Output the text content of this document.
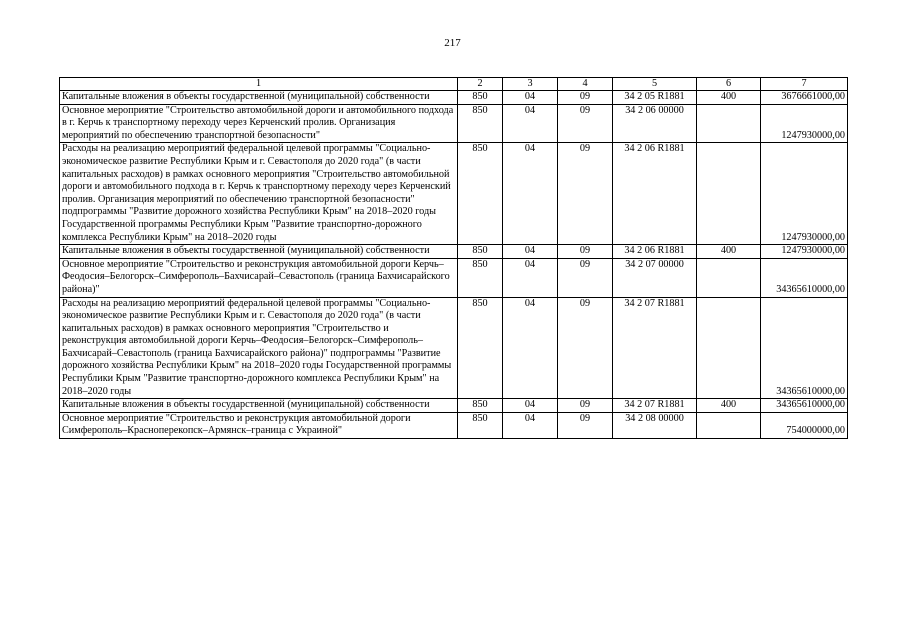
217
1	2	3	4	5	6	7
Капитальные вложения в объекты государственной (муниципальной) собственности	850	04	09	34 2 05 R1881	400	3676661000,00
Основное мероприятие "Строительство автомобильной дороги и автомобильного подхода в г. Керчь к транспортному переходу через Керченский пролив. Организация мероприятий по обеспечению транспортной безопасности"	850	04	09	34 2 06 00000		1247930000,00
Расходы на реализацию мероприятий федеральной целевой программы "Социально-экономическое развитие Республики Крым и г. Севастополя до 2020 года" (в части капитальных расходов) в рамках основного мероприятия "Строительство автомобильной дороги и автомобильного подхода в г. Керчь к транспортному переходу через Керченский пролив. Организация мероприятий по обеспечению транспортной безопасности" подпрограммы "Развитие дорожного хозяйства Республики Крым" на 2018–2020 годы Государственной программы Республики Крым "Развитие транспортно-дорожного комплекса Республики Крым" на 2018–2020 годы	850	04	09	34 2 06 R1881		1247930000,00
Капитальные вложения в объекты государственной (муниципальной) собственности	850	04	09	34 2 06 R1881	400	1247930000,00
Основное мероприятие "Строительство и реконструкция автомобильной дороги Керчь–Феодосия–Белогорск–Симферополь–Бахчисарай–Севастополь (граница Бахчисарайского района)"	850	04	09	34 2 07 00000		34365610000,00
Расходы на реализацию мероприятий федеральной целевой программы "Социально-экономическое развитие Республики Крым и г. Севастополя до 2020 года" (в части капитальных расходов) в рамках основного мероприятия "Строительство и реконструкция автомобильной дороги Керчь–Феодосия–Белогорск–Симферополь–Бахчисарай–Севастополь (граница Бахчисарайского района)" подпрограммы "Развитие дорожного хозяйства Республики Крым" на 2018–2020 годы Государственной программы Республики Крым "Развитие транспортно-дорожного комплекса Республики Крым" на 2018–2020 годы	850	04	09	34 2 07 R1881		34365610000,00
Капитальные вложения в объекты государственной (муниципальной) собственности	850	04	09	34 2 07 R1881	400	34365610000,00
Основное мероприятие "Строительство и реконструкция автомобильной дороги Симферополь–Красноперекопск–Армянск–граница с Украиной"	850	04	09	34 2 08 00000		754000000,00
